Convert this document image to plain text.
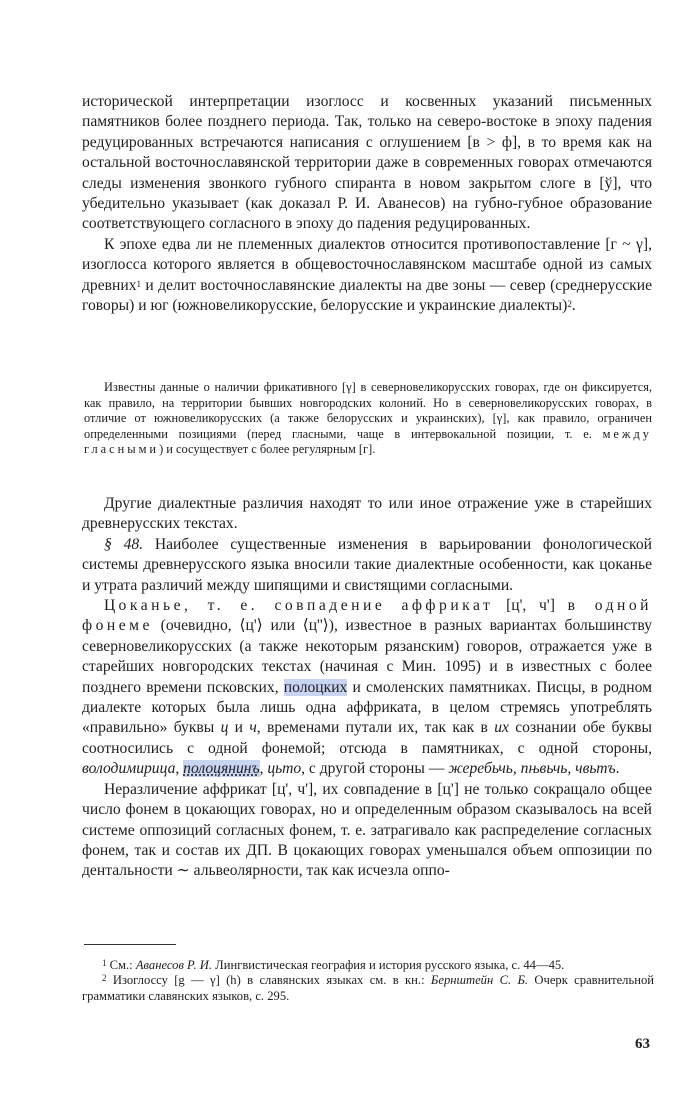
исторической интерпретации изоглосс и косвенных указаний письменных памятников более позднего периода. Так, только на северо-востоке в эпоху падения редуцированных встречаются написания с оглушением [в > ф], в то время как на остальной восточнославянской территории даже в современных говорах отмечаются следы изменения звонкого губного спиранта в новом закрытом слоге в [ў], что убедительно указывает (как доказал Р. И. Аванесов) на губно-губное образование соответствующего согласного в эпоху до падения редуцированных.

К эпохе едва ли не племенных диалектов относится противопоставление [г ~ γ], изоглосса которого является в общевосточнославянском масштабе одной из самых древних$^1$ и делит восточнославянские диалекты на две зоны — север (среднерусские говоры) и юг (южновеликорусские, белорусские и украинские диалекты)$^2$.

Известны данные о наличии фрикативного [γ] в северновеликорусских говорах, где он фиксируется, как правило, на территории бывших новгородских колоний. Но в северновеликорусских говорах, в отличие от южновеликорусских (а также белорусских и украинских), [γ], как правило, ограничен определенными позициями (перед гласными, чаще в интервокальной позиции, т. е. между гласными) и сосуществует с более регулярным [г].

Другие диалектные различия находят то или иное отражение уже в старейших древнерусских текстах.

§ 48. Наиболее существенные изменения в варьировании фонологической системы древнерусского языка вносили такие диалектные особенности, как цоканье и утрата различий между шипящими и свистящими согласными.

Цоканье, т. е. совпадение аффрикат [ц', ч'] в одной фонеме (очевидно, ⟨ц'⟩ или ⟨ц''⟩), известное в разных вариантах большинству северновеликорусских (а также некоторым рязанским) говоров, отражается уже в старейших новгородских текстах (начиная с Мин. 1095) и в известных с более позднего времени псковских, полоцких и смоленских памятниках. Писцы, в родном диалекте которых была лишь одна аффриката, в целом стремясь употреблять «правильно» буквы ц и ч, временами путали их, так как в их сознании обе буквы соотносились с одной фонемой; отсюда в памятниках, с одной стороны, володимирица, полоцянинъ, цьто, с другой стороны — жеребьчь, пњвьчь, чвьтъ.

Неразличение аффрикат [ц', ч'], их совпадение в [ц'] не только сокращало общее число фонем в цокающих говорах, но и определенным образом сказывалось на всей системе оппозиций согласных фонем, т. е. затрагивало как распределение согласных фонем, так и состав их ДП. В цокающих говорах уменьшался объем оппозиции по дентальности ∼ альвеолярности, так как исчезла оппо-

$^1$ См.: Аванесов Р. И. Лингвистическая география и история русского языка, с. 44—45.

$^2$ Изоглоссу [g — γ] (h) в славянских языках см. в кн.: Бернштейн С. Б. Очерк сравнительной грамматики славянских языков, с. 295.

63
